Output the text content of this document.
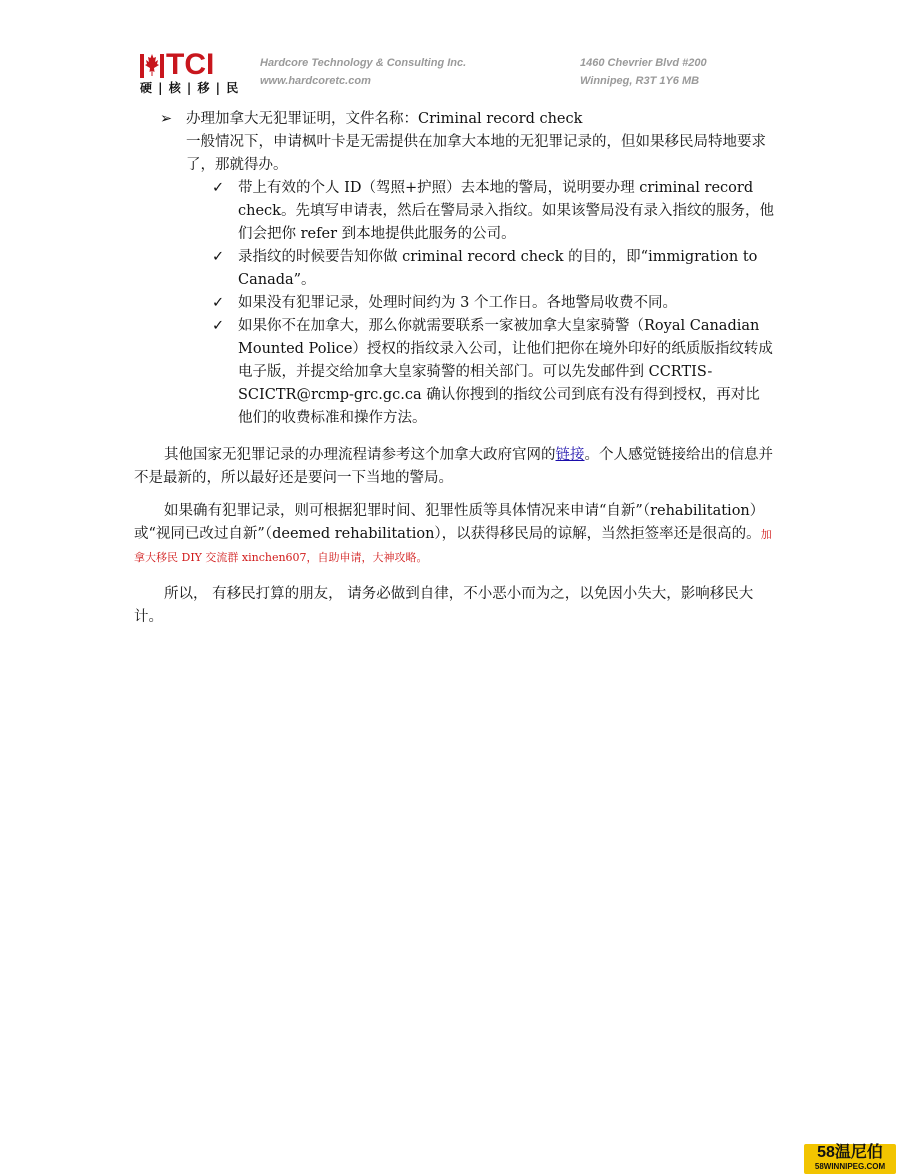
TCI
硬 | 核 | 移 | 民
Hardcore Technology & Consulting Inc.
www.hardcoretc.com
1460 Chevrier Blvd #200
Winnipeg, R3T 1Y6 MB
➢ 办理加拿大无犯罪证明，文件名称：Criminal record check
一般情况下，申请枫叶卡是无需提供在加拿大本地的无犯罪记录的，但如果移民局特地要求了，那就得办。
✓ 带上有效的个人 ID（驾照+护照）去本地的警局，说明要办理 criminal record check。先填写申请表，然后在警局录入指纹。如果该警局没有录入指纹的服务，他们会把你 refer 到本地提供此服务的公司。
✓ 录指纹的时候要告知你做 criminal record check 的目的，即“immigration to Canada”。
✓ 如果没有犯罪记录，处理时间约为 3 个工作日。各地警局收费不同。
✓ 如果你不在加拿大，那么你就需要联系一家被加拿大皇家骑警（Royal Canadian Mounted Police）授权的指纹录入公司，让他们把你在境外印好的纸质版指纹转成电子版，并提交给加拿大皇家骑警的相关部门。可以先发邮件到 CCRTIS-SCICTR@rcmp-grc.gc.ca 确认你搜到的指纹公司到底有没有得到授权，再对比他们的收费标准和操作方法。
其他国家无犯罪记录的办理流程请参考这个加拿大政府官网的链接。个人感觉链接给出的信息并不是最新的，所以最好还是要问一下当地的警局。
如果确有犯罪记录，则可根据犯罪时间、犯罪性质等具体情况来申请“自新”（rehabilitation）或“视同已改过自新”（deemed rehabilitation），以获得移民局的谅解，当然拒签率还是很高的。加拿大移民 DIY 交流群 xinchen607，自助申请，大神攻略。
所以， 有移民打算的朋友， 请务必做到自律，不小恶小而为之，以免因小失大，影响移民大计。
58温尼伯
58WINNIPEG.COM
